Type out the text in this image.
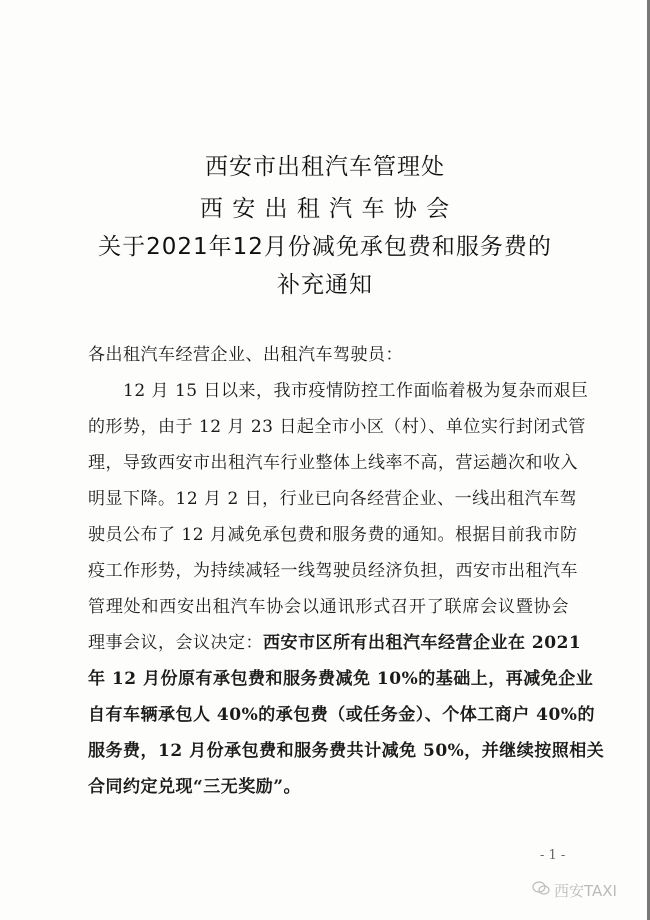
西安市出租汽车管理处
西 安 出 租 汽 车 协 会
关于2021年12月份减免承包费和服务费的
补充通知
各出租汽车经营企业、出租汽车驾驶员：
　　12 月 15 日以来，我市疫情防控工作面临着极为复杂而艰巨
的形势，由于 12 月 23 日起全市小区（村）、单位实行封闭式管
理，导致西安市出租汽车行业整体上线率不高，营运趟次和收入
明显下降。12 月 2 日，行业已向各经营企业、一线出租汽车驾
驶员公布了 12 月减免承包费和服务费的通知。根据目前我市防
疫工作形势，为持续减轻一线驾驶员经济负担，西安市出租汽车
管理处和西安出租汽车协会以通讯形式召开了联席会议暨协会
理事会议，会议决定：西安市区所有出租汽车经营企业在 2021
年 12 月份原有承包费和服务费减免 10%的基础上，再减免企业
自有车辆承包人 40%的承包费（或任务金）、个体工商户 40%的
服务费，12 月份承包费和服务费共计减免 50%，并继续按照相关
合同约定兑现“三无奖励”。
- 1 -
西安TAXI
